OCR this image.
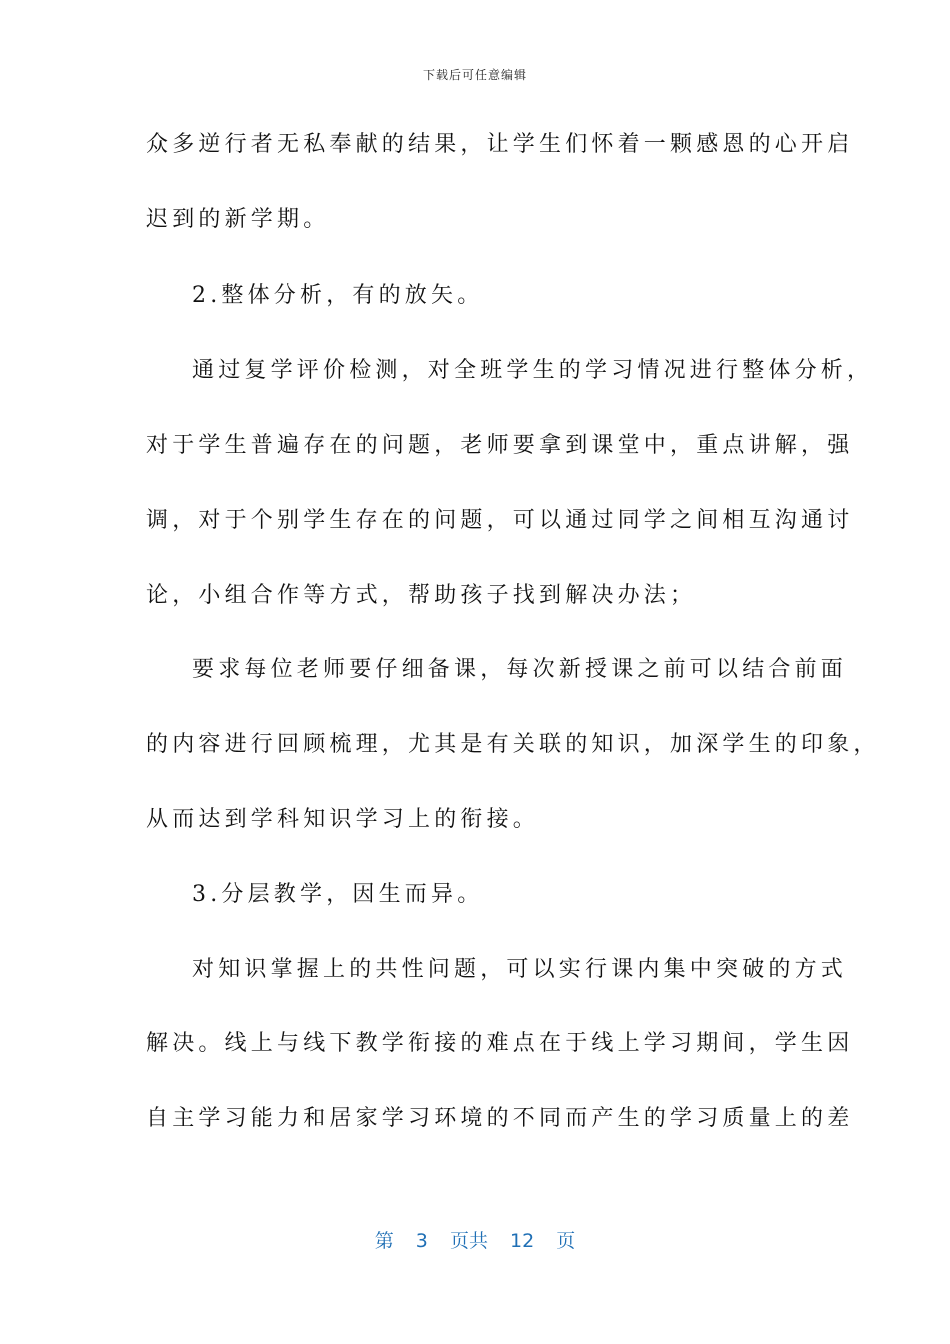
下载后可任意编辑
众多逆行者无私奉献的结果，让学生们怀着一颗感恩的心开启
迟到的新学期。
2.整体分析，有的放矢。
通过复学评价检测，对全班学生的学习情况进行整体分析，
对于学生普遍存在的问题，老师要拿到课堂中，重点讲解，强
调，对于个别学生存在的问题，可以通过同学之间相互沟通讨
论，小组合作等方式，帮助孩子找到解决办法；
要求每位老师要仔细备课，每次新授课之前可以结合前面
的内容进行回顾梳理，尤其是有关联的知识，加深学生的印象，
从而达到学科知识学习上的衔接。
3.分层教学，因生而异。
对知识掌握上的共性问题，可以实行课内集中突破的方式
解决。线上与线下教学衔接的难点在于线上学习期间，学生因
自主学习能力和居家学习环境的不同而产生的学习质量上的差
第 3 页共 12 页
